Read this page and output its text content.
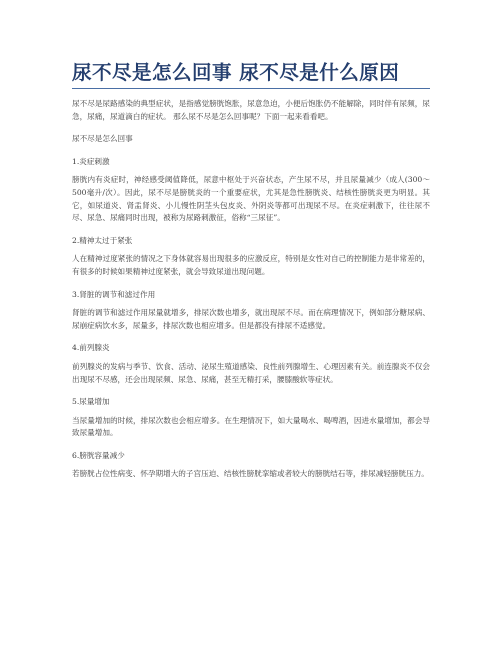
尿不尽是怎么回事 尿不尽是什么原因

尿不尽是尿路感染的典型症状，是指感觉膀胱饱胀，尿意急迫，小便后饱胀仍不能解除，同时伴有尿频，尿急，尿痛，尿道滴白的症状。 那么尿不尽是怎么回事呢？下面一起来看看吧。

尿不尽是怎么回事

1.炎症刺激

膀胱内有炎症时，神经感受阈值降低，尿意中枢处于兴奋状态，产生尿不尽，并且尿量减少（成人(300～500毫升/次）。因此，尿不尽是膀胱炎的一个重要症状，尤其是急性膀胱炎、结核性膀胱炎更为明显。其它，如尿道炎、肾盂肾炎、小儿慢性阴茎头包皮炎、外阴炎等都可出现尿不尽。在炎症刺激下，往往尿不尽、尿急、尿痛同时出现，被称为尿路刺激征，俗称“三尿征”。

2.精神太过于紧张

人在精神过度紧张的情况之下身体就容易出现很多的应激反应，特别是女性对自己的控制能力是非常差的，有很多的时候如果精神过度紧张，就会导致尿道出现问题。

3.肾脏的调节和滤过作用

肾脏的调节和滤过作用尿量就增多，排尿次数也增多，就出现尿不尽。而在病理情况下，例如部分糖尿病、尿崩症病饮水多，尿量多，排尿次数也相应增多。但是都没有排尿不适感觉。

4.前列腺炎

前列腺炎的发病与季节、饮食、活动、泌尿生殖道感染、良性前列腺增生、心理因素有关。前连腺炎不仅会出现尿不尽感，还会出现尿频、尿急、尿痛，甚至无精打采，腰膝酸软等症状。

5.尿量增加

当尿量增加的时候，排尿次数也会相应增多。在生理情况下，如大量喝水、喝啤酒，因进水量增加，都会导致尿量增加。

6.膀胱容量减少

若膀胱占位性病变、怀孕期增大的子宫压迫、结核性膀胱挛缩或者较大的膀胱结石等，排尿减轻膀胱压力。
